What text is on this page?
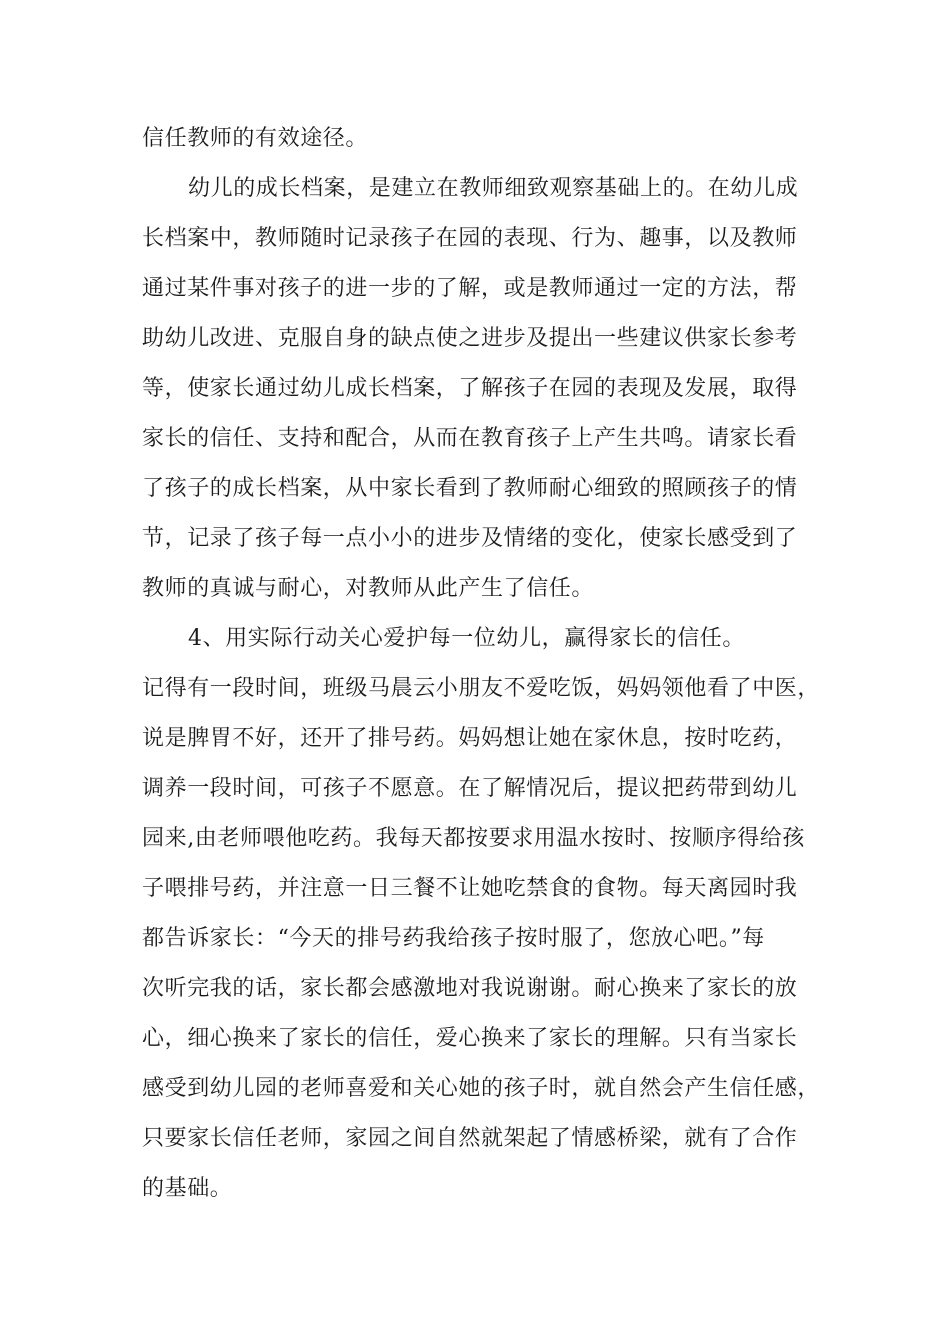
信任教师的有效途径。

幼儿的成长档案，是建立在教师细致观察基础上的。在幼儿成

长档案中，教师随时记录孩子在园的表现、行为、趣事，以及教师

通过某件事对孩子的进一步的了解，或是教师通过一定的方法，帮

助幼儿改进、克服自身的缺点使之进步及提出一些建议供家长参考

等，使家长通过幼儿成长档案，了解孩子在园的表现及发展，取得

家长的信任、支持和配合，从而在教育孩子上产生共鸣。请家长看

了孩子的成长档案，从中家长看到了教师耐心细致的照顾孩子的情

节，记录了孩子每一点小小的进步及情绪的变化，使家长感受到了

教师的真诚与耐心，对教师从此产生了信任。

4、用实际行动关心爱护每一位幼儿，赢得家长的信任。

记得有一段时间，班级马晨云小朋友不爱吃饭，妈妈领他看了中医，

说是脾胃不好，还开了排号药。妈妈想让她在家休息，按时吃药，

调养一段时间，可孩子不愿意。在了解情况后，提议把药带到幼儿

园来,由老师喂他吃药。我每天都按要求用温水按时、按顺序得给孩

子喂排号药，并注意一日三餐不让她吃禁食的食物。每天离园时我

都告诉家长：“今天的排号药我给孩子按时服了，您放心吧。”每

次听完我的话，家长都会感激地对我说谢谢。耐心换来了家长的放

心，细心换来了家长的信任，爱心换来了家长的理解。只有当家长

感受到幼儿园的老师喜爱和关心她的孩子时，就自然会产生信任感，

只要家长信任老师，家园之间自然就架起了情感桥梁，就有了合作

的基础。
